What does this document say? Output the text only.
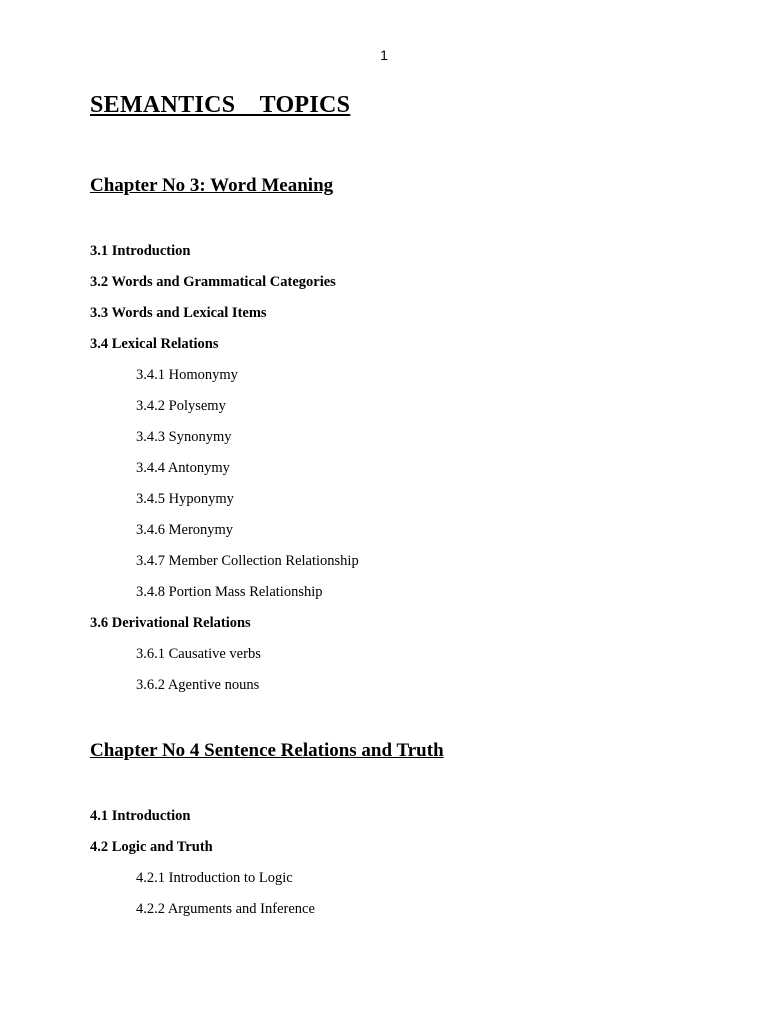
1
SEMANTICS  TOPICS
Chapter No 3: Word Meaning
3.1 Introduction
3.2 Words and Grammatical Categories
3.3 Words and Lexical Items
3.4 Lexical Relations
3.4.1 Homonymy
3.4.2 Polysemy
3.4.3 Synonymy
3.4.4 Antonymy
3.4.5 Hyponymy
3.4.6 Meronymy
3.4.7 Member Collection Relationship
3.4.8 Portion Mass Relationship
3.6 Derivational Relations
3.6.1 Causative verbs
3.6.2 Agentive nouns
Chapter No 4 Sentence Relations and Truth
4.1 Introduction
4.2 Logic and Truth
4.2.1 Introduction to Logic
4.2.2 Arguments and Inference
